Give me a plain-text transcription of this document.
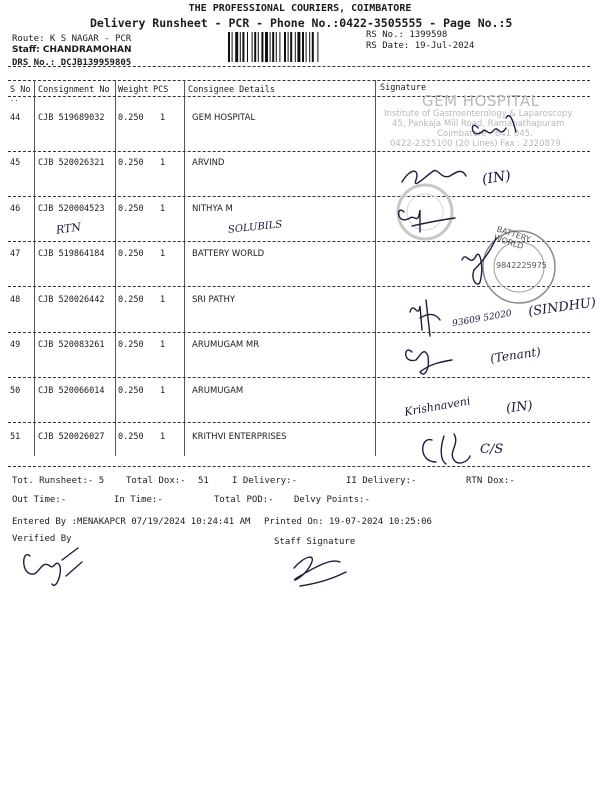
THE PROFESSIONAL COURIERS, COIMBATORE
Delivery Runsheet - PCR - Phone No.:0422-3505555 - Page No.:5
Route: K S NAGAR - PCR
Staff: CHANDRAMOHAN
DRS No.: DCJB139959805
RS No.: 1399598
RS Date: 19-Jul-2024
S No Consignment No Weight PCS Consignee Details	Signature
..
44 CJB 519689032 0.250 1	GEM HOSPITAL
45 CJB 520026321 0.250 1	ARVIND
46 CJB 520004523 0.250 1	NITHYA M
47 CJB 519864184 0.250 1	BATTERY WORLD
48 CJB 520026442 0.250 1	SRI PATHY
49 CJB 520083261 0.250 1	ARUMUGAM MR
50 CJB 520066014 0.250 1	ARUMUGAM
51 CJB 520026027 0.250 1	KRITHVI ENTERPRISES
GEM HOSPITAL
Institute of Gastroenterology & Laparoscopy
45, Pankaja Mill Road, Ramanathapuram
Coimbatore - 641 045.
0422-2325100 (20 Lines) Fax : 2320879
BATTERY WORLD
9842225975
RTN	SOLUBILS
(IN)
93609 52020 (SINDHU)
(Tenant)
Krishnaveni	(IN)
C/S
Tot. Runsheet:- 5 Total Dox:- 51	I Delivery:-	II Delivery:-	RTN Dox:-
Out Time:-	In Time:-	Total POD:- Delvy Points:-
Entered By :MENAKAPCR 07/19/2024 10:24:41 AM Printed On: 19-07-2024 10:25:06
Verified By	Staff Signature
